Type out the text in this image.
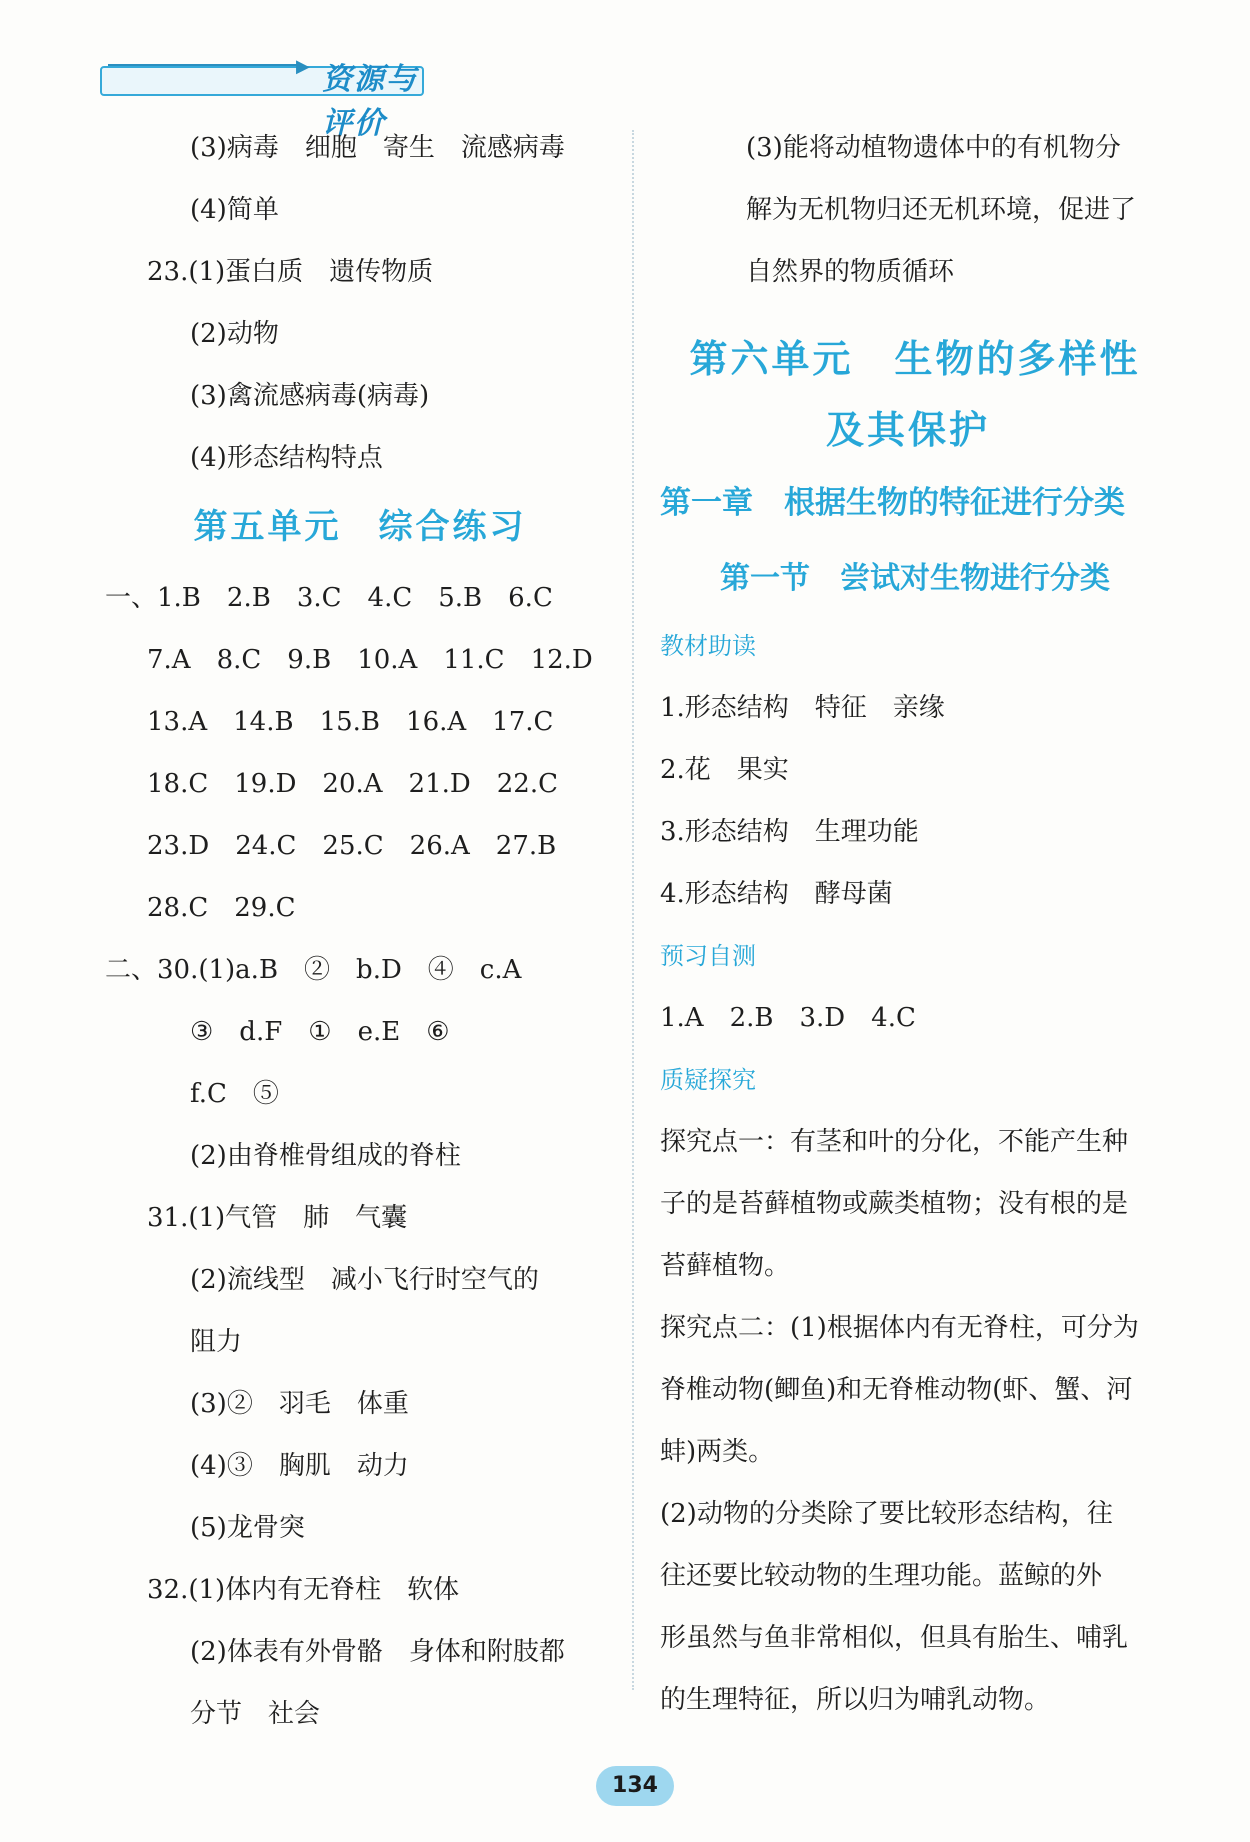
▶ 资源与评价
(3)病毒　细胞　寄生　流感病毒
(4)简单
23.(1)蛋白质　遗传物质
(2)动物
(3)禽流感病毒(病毒)
(4)形态结构特点
第五单元　综合练习
一、1.B　2.B　3.C　4.C　5.B　6.C
7.A　8.C　9.B　10.A　11.C　12.D
13.A　14.B　15.B　16.A　17.C
18.C　19.D　20.A　21.D　22.C
23.D　24.C　25.C　26.A　27.B
28.C　29.C
二、30.(1)a.B　②　b.D　④　c.A
③　d.F　①　e.E　⑥
f.C　⑤
(2)由脊椎骨组成的脊柱
31.(1)气管　肺　气囊
(2)流线型　减小飞行时空气的
阻力
(3)②　羽毛　体重
(4)③　胸肌　动力
(5)龙骨突
32.(1)体内有无脊柱　软体
(2)体表有外骨骼　身体和附肢都
分节　社会
(3)能将动植物遗体中的有机物分
解为无机物归还无机环境，促进了
自然界的物质循环
第六单元　生物的多样性
及其保护
第一章　根据生物的特征进行分类
第一节　尝试对生物进行分类
教材助读
1.形态结构　特征　亲缘
2.花　果实
3.形态结构　生理功能
4.形态结构　酵母菌
预习自测
1.A　2.B　3.D　4.C
质疑探究
探究点一：有茎和叶的分化，不能产生种
子的是苔藓植物或蕨类植物；没有根的是
苔藓植物。
探究点二：(1)根据体内有无脊柱，可分为
脊椎动物(鲫鱼)和无脊椎动物(虾、蟹、河
蚌)两类。
(2)动物的分类除了要比较形态结构，往
往还要比较动物的生理功能。蓝鲸的外
形虽然与鱼非常相似，但具有胎生、哺乳
的生理特征，所以归为哺乳动物。
134
